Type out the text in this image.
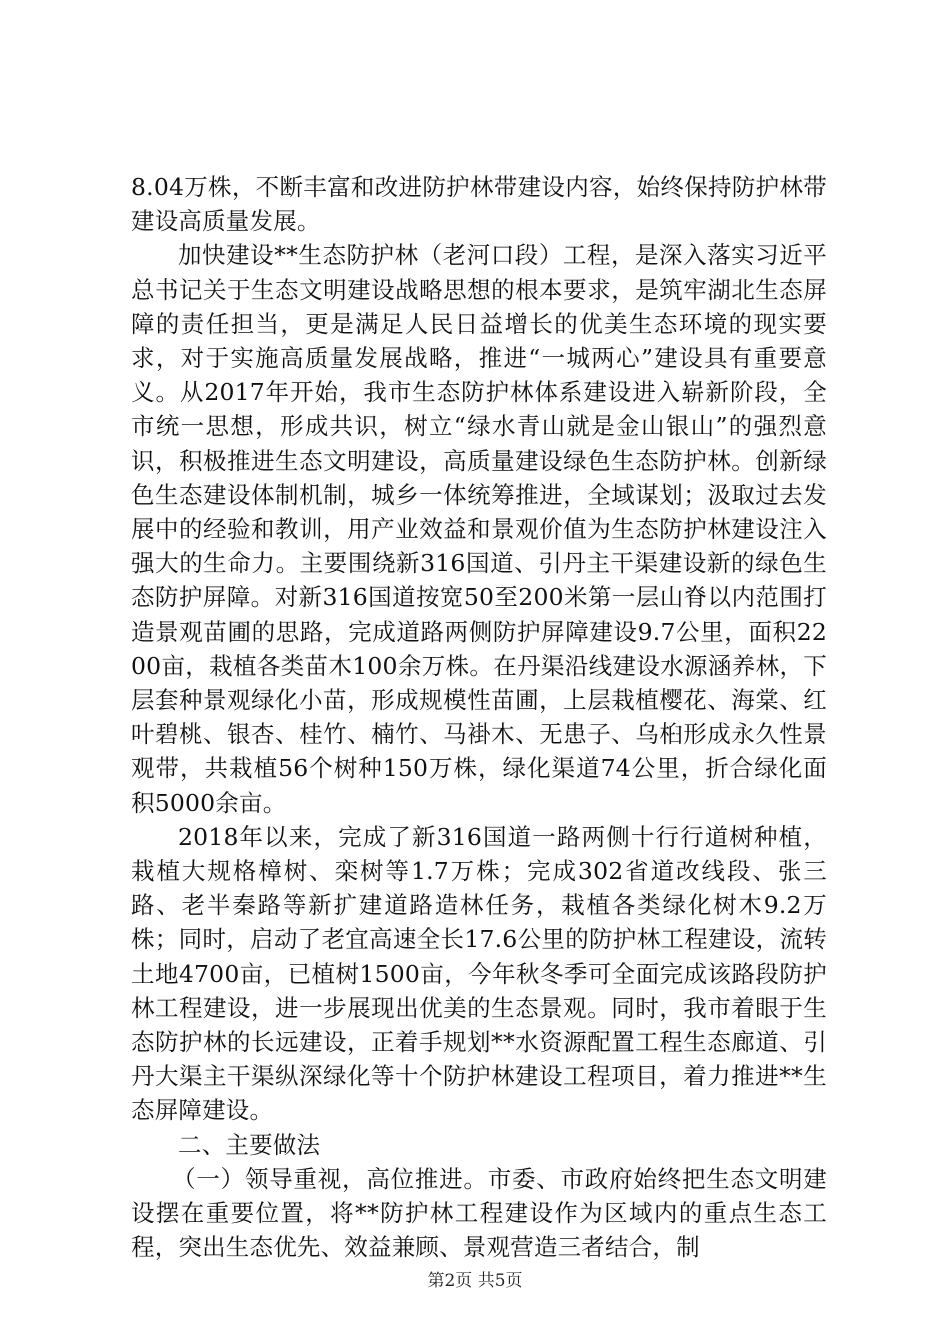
8.04万株，不断丰富和改进防护林带建设内容，始终保持防护林带建设高质量发展。

加快建设**生态防护林（老河口段）工程，是深入落实习近平总书记关于生态文明建设战略思想的根本要求，是筑牢湖北生态屏障的责任担当，更是满足人民日益增长的优美生态环境的现实要求，对于实施高质量发展战略，推进“一城两心”建设具有重要意义。从2017年开始，我市生态防护林体系建设进入崭新阶段，全市统一思想，形成共识，树立“绿水青山就是金山银山”的强烈意识，积极推进生态文明建设，高质量建设绿色生态防护林。创新绿色生态建设体制机制，城乡一体统筹推进，全域谋划；汲取过去发展中的经验和教训，用产业效益和景观价值为生态防护林建设注入强大的生命力。主要围绕新316国道、引丹主干渠建设新的绿色生态防护屏障。对新316国道按宽50至200米第一层山脊以内范围打造景观苗圃的思路，完成道路两侧防护屏障建设9.7公里，面积2200亩，栽植各类苗木100余万株。在丹渠沿线建设水源涵养林，下层套种景观绿化小苗，形成规模性苗圃，上层栽植樱花、海棠、红叶碧桃、银杏、桂竹、楠竹、马褂木、无患子、乌桕形成永久性景观带，共栽植56个树种150万株，绿化渠道74公里，折合绿化面积5000余亩。

2018年以来，完成了新316国道一路两侧十行行道树种植，栽植大规格樟树、栾树等1.7万株；完成302省道改线段、张三路、老半秦路等新扩建道路造林任务，栽植各类绿化树木9.2万株；同时，启动了老宜高速全长17.6公里的防护林工程建设，流转土地4700亩，已植树1500亩，今年秋冬季可全面完成该路段防护林工程建设，进一步展现出优美的生态景观。同时，我市着眼于生态防护林的长远建设，正着手规划**水资源配置工程生态廊道、引丹大渠主干渠纵深绿化等十个防护林建设工程项目，着力推进**生态屏障建设。

二、主要做法

（一）领导重视，高位推进。市委、市政府始终把生态文明建设摆在重要位置，将**防护林工程建设作为区域内的重点生态工程，突出生态优先、效益兼顾、景观营造三者结合，制

第2页 共5页
